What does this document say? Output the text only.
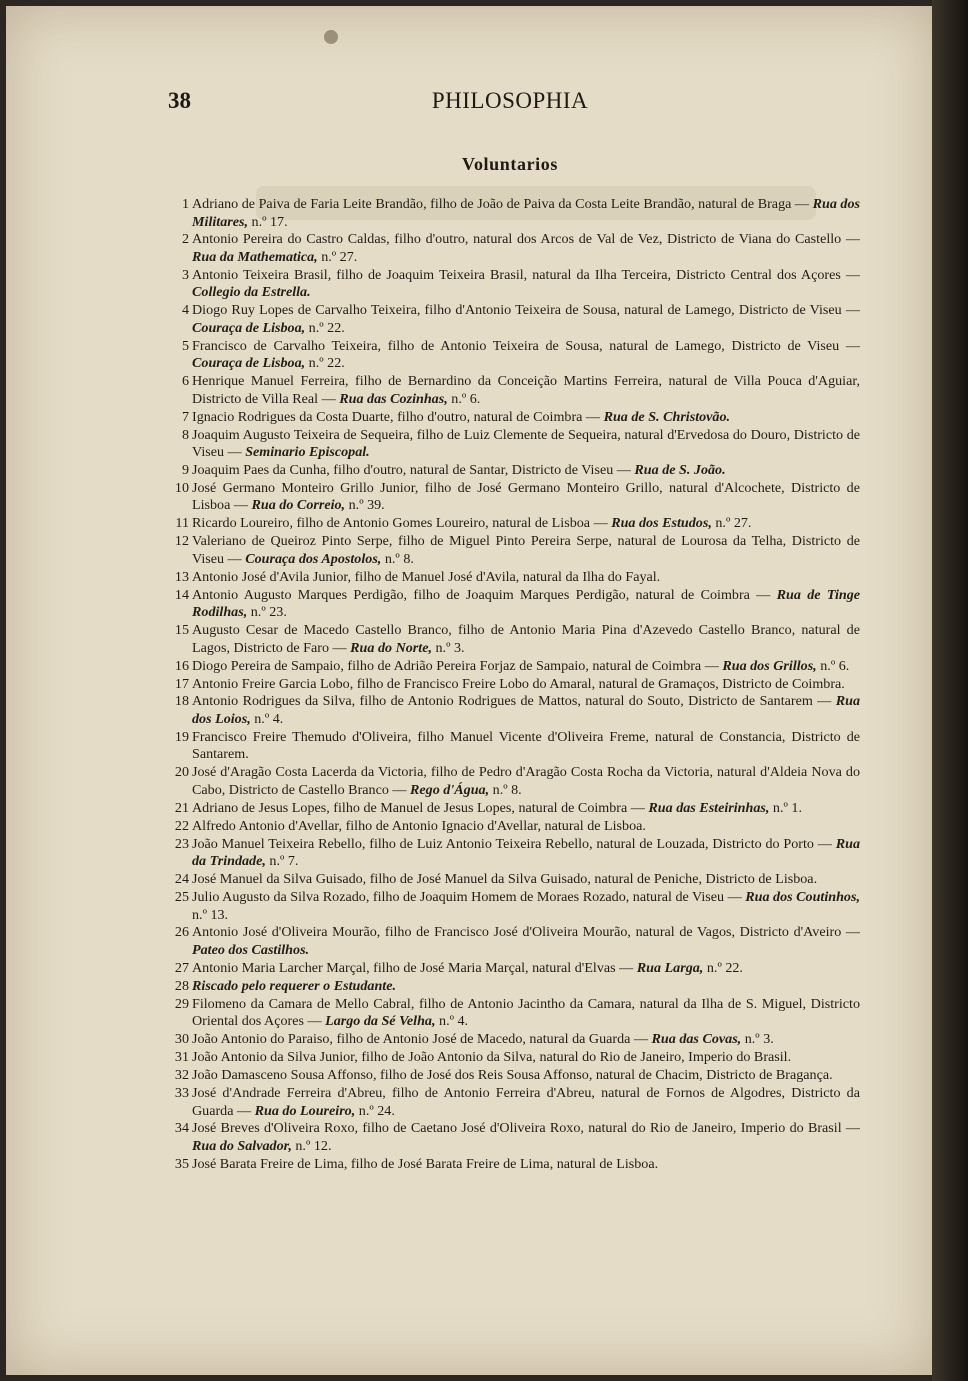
38	PHILOSOPHIA
Voluntarios
1 Adriano de Paiva de Faria Leite Brandão, filho de João de Paiva da Costa Leite Brandão, natural de Braga — Rua dos Militares, n.º 17.
2 Antonio Pereira do Castro Caldas, filho d'outro, natural dos Arcos de Val de Vez, Districto de Viana do Castello — Rua da Mathematica, n.º 27.
3 Antonio Teixeira Brasil, filho de Joaquim Teixeira Brasil, natural da Ilha Terceira, Districto Central dos Açores — Collegio da Estrella.
4 Diogo Ruy Lopes de Carvalho Teixeira, filho d'Antonio Teixeira de Sousa, natural de Lamego, Districto de Viseu — Couraça de Lisboa, n.º 22.
5 Francisco de Carvalho Teixeira, filho de Antonio Teixeira de Sousa, natural de Lamego, Districto de Viseu — Couraça de Lisboa, n.º 22.
6 Henrique Manuel Ferreira, filho de Bernardino da Conceição Martins Ferreira, natural de Villa Pouca d'Aguiar, Districto de Villa Real — Rua das Cozinhas, n.º 6.
7 Ignacio Rodrigues da Costa Duarte, filho d'outro, natural de Coimbra — Rua de S. Christovão.
8 Joaquim Augusto Teixeira de Sequeira, filho de Luiz Clemente de Sequeira, natural d'Ervedosa do Douro, Districto de Viseu — Seminario Episcopal.
9 Joaquim Paes da Cunha, filho d'outro, natural de Santar, Districto de Viseu — Rua de S. João.
10 José Germano Monteiro Grillo Junior, filho de José Germano Monteiro Grillo, natural d'Alcochete, Districto de Lisboa — Rua do Correio, n.º 39.
11 Ricardo Loureiro, filho de Antonio Gomes Loureiro, natural de Lisboa — Rua dos Estudos, n.º 27.
12 Valeriano de Queiroz Pinto Serpe, filho de Miguel Pinto Pereira Serpe, natural de Lourosa da Telha, Districto de Viseu — Couraça dos Apostolos, n.º 8.
13 Antonio José d'Avila Junior, filho de Manuel José d'Avila, natural da Ilha do Fayal.
14 Antonio Augusto Marques Perdigão, filho de Joaquim Marques Perdigão, natural de Coimbra — Rua de Tinge Rodilhas, n.º 23.
15 Augusto Cesar de Macedo Castello Branco, filho de Antonio Maria Pina d'Azevedo Castello Branco, natural de Lagos, Districto de Faro — Rua do Norte, n.º 3.
16 Diogo Pereira de Sampaio, filho de Adrião Pereira Forjaz de Sampaio, natural de Coimbra — Rua dos Grillos, n.º 6.
17 Antonio Freire Garcia Lobo, filho de Francisco Freire Lobo do Amaral, natural de Gramaços, Districto de Coimbra.
18 Antonio Rodrigues da Silva, filho de Antonio Rodrigues de Mattos, natural do Souto, Districto de Santarem — Rua dos Loios, n.º 4.
19 Francisco Freire Themudo d'Oliveira, filho Manuel Vicente d'Oliveira Freme, natural de Constancia, Districto de Santarem.
20 José d'Aragão Costa Lacerda da Victoria, filho de Pedro d'Aragão Costa Rocha da Victoria, natural d'Aldeia Nova do Cabo, Districto de Castello Branco — Rego d'Água, n.º 8.
21 Adriano de Jesus Lopes, filho de Manuel de Jesus Lopes, natural de Coimbra — Rua das Esteirinhas, n.º 1.
22 Alfredo Antonio d'Avellar, filho de Antonio Ignacio d'Avellar, natural de Lisboa.
23 João Manuel Teixeira Rebello, filho de Luiz Antonio Teixeira Rebello, natural de Louzada, Districto do Porto — Rua da Trindade, n.º 7.
24 José Manuel da Silva Guisado, filho de José Manuel da Silva Guisado, natural de Peniche, Districto de Lisboa.
25 Julio Augusto da Silva Rozado, filho de Joaquim Homem de Moraes Rozado, natural de Viseu — Rua dos Coutinhos, n.º 13.
26 Antonio José d'Oliveira Mourão, filho de Francisco José d'Oliveira Mourão, natural de Vagos, Districto d'Aveiro — Pateo dos Castilhos.
27 Antonio Maria Larcher Marçal, filho de José Maria Marçal, natural d'Elvas — Rua Larga, n.º 22.
28 Riscado pelo requerer o Estudante.
29 Filomeno da Camara de Mello Cabral, filho de Antonio Jacintho da Camara, natural da Ilha de S. Miguel, Districto Oriental dos Açores — Largo da Sé Velha, n.º 4.
30 João Antonio do Paraiso, filho de Antonio José de Macedo, natural da Guarda — Rua das Covas, n.º 3.
31 João Antonio da Silva Junior, filho de João Antonio da Silva, natural do Rio de Janeiro, Imperio do Brasil.
32 João Damasceno Sousa Affonso, filho de José dos Reis Sousa Affonso, natural de Chacim, Districto de Bragança.
33 José d'Andrade Ferreira d'Abreu, filho de Antonio Ferreira d'Abreu, natural de Fornos de Algodres, Districto da Guarda — Rua do Loureiro, n.º 24.
34 José Breves d'Oliveira Roxo, filho de Caetano José d'Oliveira Roxo, natural do Rio de Janeiro, Imperio do Brasil — Rua do Salvador, n.º 12.
35 José Barata Freire de Lima, filho de José Barata Freire de Lima, natural de Lisboa.
